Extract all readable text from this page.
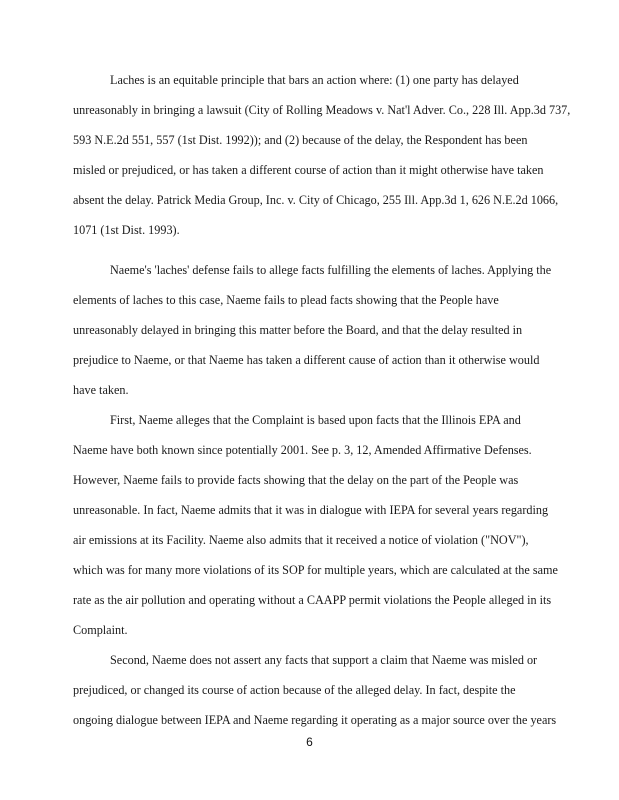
Laches is an equitable principle that bars an action where: (1) one party has delayed

unreasonably in bringing a lawsuit (City of Rolling Meadows v. Nat'l Adver. Co., 228 Ill. App.3d 737,

593 N.E.2d 551, 557 (1st Dist. 1992)); and (2) because of the delay, the Respondent has been

misled or prejudiced, or has taken a different course of action than it might otherwise have taken

absent the delay. Patrick Media Group, Inc. v. City of Chicago, 255 Ill. App.3d 1, 626 N.E.2d 1066,

1071 (1st Dist. 1993).

Naeme's 'laches' defense fails to allege facts fulfilling the elements of laches. Applying the

elements of laches to this case, Naeme fails to plead facts showing that the People have

unreasonably delayed in bringing this matter before the Board, and that the delay resulted in

prejudice to Naeme, or that Naeme has taken a different cause of action than it otherwise would

have taken.

First, Naeme alleges that the Complaint is based upon facts that the Illinois EPA and

Naeme have both known since potentially 2001. See p. 3, 12, Amended Affirmative Defenses.

However, Naeme fails to provide facts showing that the delay on the part of the People was

unreasonable. In fact, Naeme admits that it was in dialogue with IEPA for several years regarding

air emissions at its Facility. Naeme also admits that it received a notice of violation ("NOV"),

which was for many more violations of its SOP for multiple years, which are calculated at the same

rate as the air pollution and operating without a CAAPP permit violations the People alleged in its

Complaint.

Second, Naeme does not assert any facts that support a claim that Naeme was misled or

prejudiced, or changed its course of action because of the alleged delay. In fact, despite the

ongoing dialogue between IEPA and Naeme regarding it operating as a major source over the years

6
